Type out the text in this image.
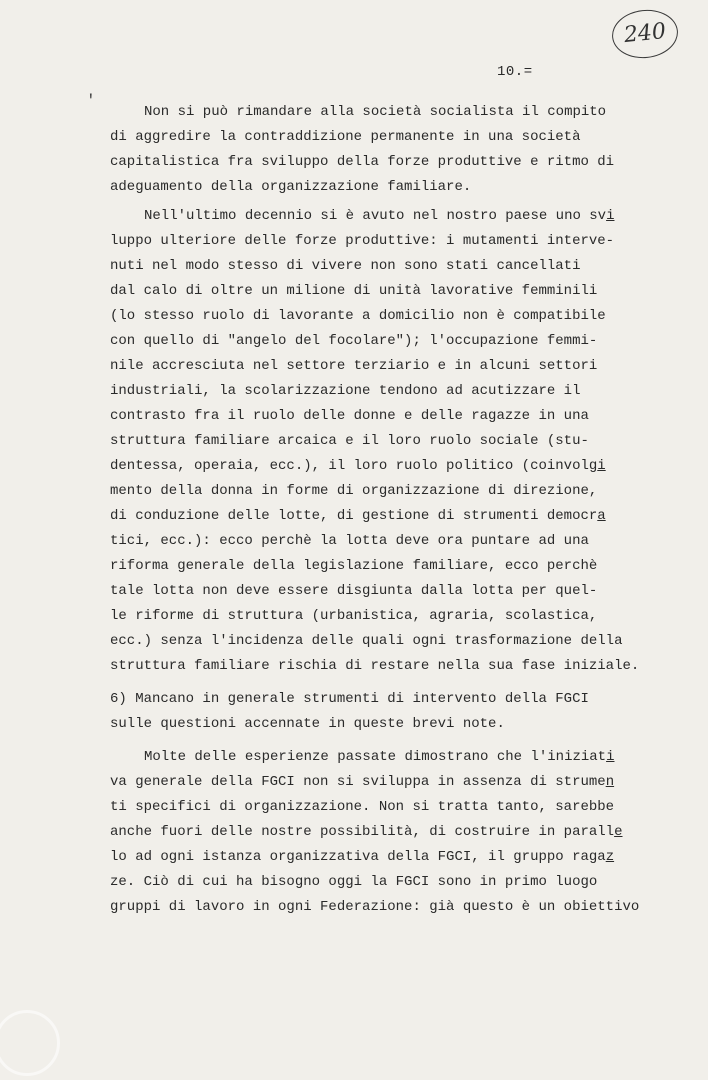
240
10.=
'
Non si può rimandare alla società socialista il compito
di aggredire la contraddizione permanente in una società
capitalistica fra sviluppo della forze produttive e ritmo di
adeguamento della organizzazione familiare.
Nell'ultimo decennio si è avuto nel nostro paese uno svi
luppo ulteriore delle forze produttive: i mutamenti interve-
nuti nel modo stesso di vivere non sono stati cancellati
dal calo di oltre un milione di unità lavorative femminili
(lo stesso ruolo di lavorante a domicilio non è compatibile
con quello di "angelo del focolare"); l'occupazione femmi-
nile accresciuta nel settore terziario e in alcuni settori
industriali, la scolarizzazione tendono ad acutizzare il
contrasto fra il ruolo delle donne e delle ragazze in una
struttura familiare arcaica e il loro ruolo sociale (stu-
dentessa, operaia, ecc.), il loro ruolo politico (coinvolgi
mento della donna in forme di organizzazione di direzione,
di conduzione delle lotte, di gestione di strumenti democra
tici, ecc.): ecco perchè la lotta deve ora puntare ad una
riforma generale della legislazione familiare, ecco perchè
tale lotta non deve essere disgiunta dalla lotta per quel-
le riforme di struttura (urbanistica, agraria, scolastica,
ecc.) senza l'incidenza delle quali ogni trasformazione della
struttura familiare rischia di restare nella sua fase iniziale.
6) Mancano in generale strumenti di intervento della FGCI
sulle questioni accennate in queste brevi note.
Molte delle esperienze passate dimostrano che l'iniziati
va generale della FGCI non si sviluppa in assenza di strumen
ti specifici di organizzazione. Non si tratta tanto, sarebbe
anche fuori delle nostre possibilità, di costruire in paralle
lo ad ogni istanza organizzativa della FGCI, il gruppo ragaz
ze. Ciò di cui ha bisogno oggi la FGCI sono in primo luogo
gruppi di lavoro in ogni Federazione: già questo è un obiettivo
